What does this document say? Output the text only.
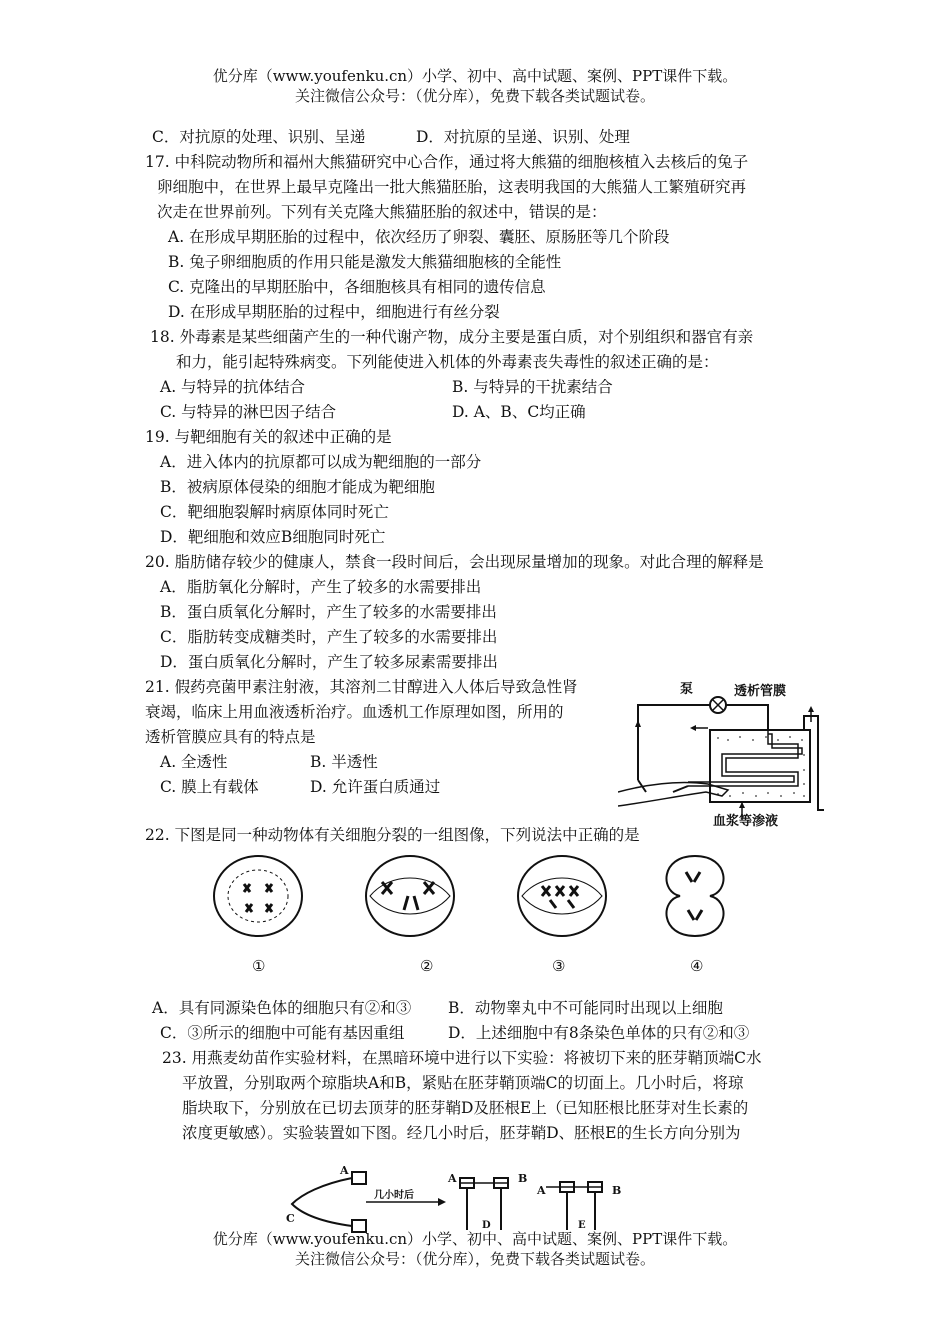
优分库（www.youfenku.cn）小学、初中、高中试题、案例、PPT课件下载。
关注微信公众号：（优分库），免费下载各类试题试卷。
C．对抗原的处理、识别、呈递	D．对抗原的呈递、识别、处理
17. 中科院动物所和福州大熊猫研究中心合作，通过将大熊猫的细胞核植入去核后的兔子
卵细胞中，在世界上最早克隆出一批大熊猫胚胎，这表明我国的大熊猫人工繁殖研究再
次走在世界前列。下列有关克隆大熊猫胚胎的叙述中，错误的是：
A. 在形成早期胚胎的过程中，依次经历了卵裂、囊胚、原肠胚等几个阶段
B. 兔子卵细胞质的作用只能是激发大熊猫细胞核的全能性
C. 克隆出的早期胚胎中，各细胞核具有相同的遗传信息
D. 在形成早期胚胎的过程中，细胞进行有丝分裂
18. 外毒素是某些细菌产生的一种代谢产物，成分主要是蛋白质，对个别组织和器官有亲
和力，能引起特殊病变。下列能使进入机体的外毒素丧失毒性的叙述正确的是：
A. 与特异的抗体结合	B. 与特异的干扰素结合
C. 与特异的淋巴因子结合	D. A、B、C均正确
19. 与靶细胞有关的叙述中正确的是
A．进入体内的抗原都可以成为靶细胞的一部分
B．被病原体侵染的细胞才能成为靶细胞
C．靶细胞裂解时病原体同时死亡
D．靶细胞和效应B细胞同时死亡
20. 脂肪储存较少的健康人，禁食一段时间后，会出现尿量增加的现象。对此合理的解释是
A．脂肪氧化分解时，产生了较多的水需要排出
B．蛋白质氧化分解时，产生了较多的水需要排出
C．脂肪转变成糖类时，产生了较多的水需要排出
D．蛋白质氧化分解时，产生了较多尿素需要排出
21. 假药亮菌甲素注射液，其溶剂二甘醇进入人体后导致急性肾
衰竭，临床上用血液透析治疗。血透机工作原理如图，所用的
透析管膜应具有的特点是
A. 全透性	B. 半透性
C. 膜上有载体	D. 允许蛋白质通过
泵	透析管膜
血浆等渗液
22. 下图是同一种动物体有关细胞分裂的一组图像，下列说法中正确的是
①	②	③	④
A．具有同源染色体的细胞只有②和③ B．动物睾丸中不可能同时出现以上细胞
C．③所示的细胞中可能有基因重组	D．上述细胞中有8条染色单体的只有②和③
23. 用燕麦幼苗作实验材料，在黑暗环境中进行以下实验：将被切下来的胚芽鞘顶端C水
平放置，分别取两个琼脂块A和B，紧贴在胚芽鞘顶端C的切面上。几小时后，将琼
脂块取下，分别放在已切去顶芽的胚芽鞘D及胚根E上（已知胚根比胚芽对生长素的
浓度更敏感）。实验装置如下图。经几小时后，胚芽鞘D、胚根E的生长方向分别为
A
C
几小时后
A	B
A	B
D	E
优分库（www.youfenku.cn）小学、初中、高中试题、案例、PPT课件下载。
关注微信公众号：（优分库），免费下载各类试题试卷。
